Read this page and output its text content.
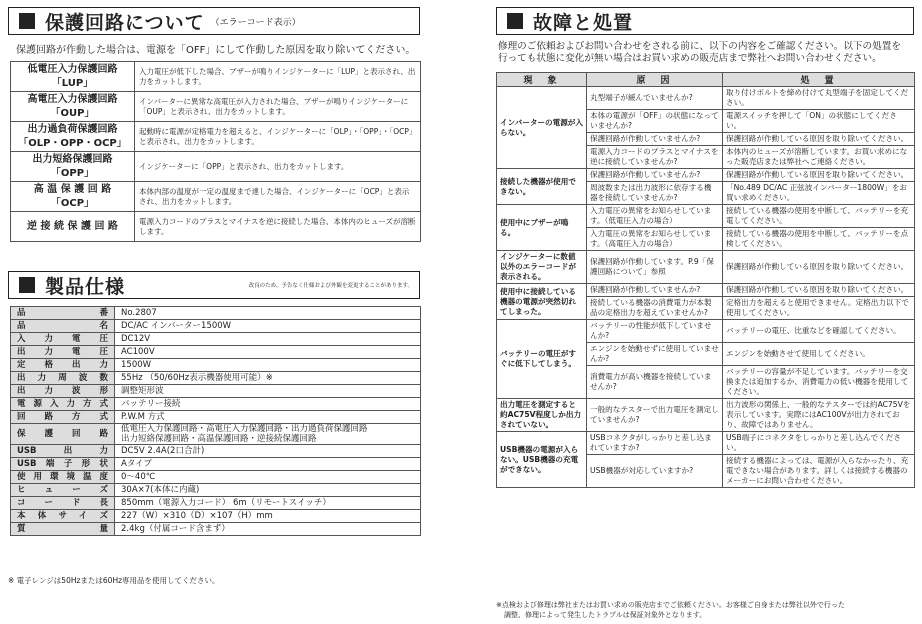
保護回路について （エラーコード表示）

保護回路が作動した場合は、電源を「OFF」にして作動した原因を取り除いてください。

低電圧入力保護回路
「LUP」	入力電圧が低下した場合、ブザーが鳴りインジケーターに「LUP」と表示され、出力をカットします。
高電圧入力保護回路
「OUP」	インバーターに異常な高電圧が入力された場合、ブザーが鳴りインジケーターに「OUP」と表示され、出力をカットします。
出力過負荷保護回路
「OLP・OPP・OCP」	起動時に電源が定格電力を超えると、インジケーターに「OLP」・「OPP」・「OCP」と表示され、出力をカットします。
出力短絡保護回路
「OPP」	インジケーターに「OPP」と表示され、出力をカットします。
高 温 保 護 回 路
「OCP」	本体内部の温度が一定の温度まで達した場合、インジケーターに「OCP」と表示され、出力をカットします。
逆 接 続 保 護 回 路	電源入力コードのプラスとマイナスを逆に接続した場合、本体内のヒューズが溶断します。
製品仕様	改良のため、予告なく仕様および外観を変更することがあります。
品番	No.2807
品名	DC/AC インバーター1500W
入力電圧	DC12V
出力電圧	AC100V
定格出力	1500W
出力周波数	55Hz （50/60Hz表示機器使用可能）※
出力波形	調整矩形波
電源入力方式	バッテリー接続
回路方式	P.W.M 方式
保護回路	低電圧入力保護回路・高電圧入力保護回路・出力過負荷保護回路
出力短絡保護回路・高温保護回路・逆接続保護回路
USB出力	DC5V 2.4A(2口合計)
USB端子形状	Aタイプ
使用環境温度	0〜40℃
ヒューズ	30A×7(本体に内蔵)
コード長	850mm（電源入力コード） 6m（リモートスイッチ）
本体サイズ	227（W）×310（D）×107（H）mm
質量	2.4kg（付属コード含まず）
※ 電子レンジは50Hzまたは60Hz専用品を使用してください。
故障と処置

修理のご依頼およびお問い合わせをされる前に、以下の内容をご確認ください。以下の処置を

行っても状態に変化が無い場合はお買い求めの販売店まで弊社へお問い合わせください。

現　象	原　因	処　置
インバーターの電源が入らない。	丸型端子が緩んでいませんか?	取り付けボルトを締め付けて丸型端子を固定してください。
	本体の電源が「OFF」の状態になっていませんか?	電源スイッチを押して「ON」の状態にしてください。
	保護回路が作動していませんか?	保護回路が作動している原因を取り除いてください。
	電源入力コードのプラスとマイナスを逆に接続していませんか?	本体内のヒューズが溶断しています。お買い求めになった販売店または弊社へご連絡ください。
接続した機器が使用できない。	保護回路が作動していませんか?	保護回路が作動している原因を取り除いてください。
	周波数または出力波形に依存する機器を接続していませんか?	「No.489 DC/AC 正弦波インバーター1800W」をお買い求めください。
使用中にブザーが鳴る。	入力電圧の異常をお知らせしています。（低電圧入力の場合）	接続している機器の使用を中断して、バッテリーを充電してください。
	入力電圧の異常をお知らせしています。（高電圧入力の場合）	接続している機器の使用を中断して、バッテリーを点検してください。
インジケーターに数値以外のエラーコードが表示される。	保護回路が作動しています。P.9「保護回路について」参照	保護回路が作動している原因を取り除いてください。
使用中に接続している機器の電源が突然切れてしまった。	保護回路が作動していませんか?	保護回路が作動している原因を取り除いてください。
	接続している機器の消費電力が本製品の定格出力を超えていませんか?	定格出力を超えると使用できません。定格出力以下で使用してください。
バッテリーの電圧がすぐに低下してしまう。	バッテリーの性能が低下していませんか?	バッテリーの電圧、比重などを確認してください。
	エンジンを始動せずに使用していませんか?	エンジンを始動させて使用してください。
	消費電力が高い機器を接続していませんか?	バッテリーの容量が不足しています。バッテリーを交換または追加するか、消費電力の低い機器を使用してください。
出力電圧を測定すると約AC75V程度しか出力されていない。	一般的なテスターで出力電圧を測定していませんか?	出力波形の関係上、一般的なテスターでは約AC75Vを表示しています。実際にはAC100Vが出力されており、故障ではありません。
USB機器の電源が入らない。USB機器の充電ができない。	USBコネクタがしっかりと差し込まれていますか?	USB端子にコネクタをしっかりと差し込んでください。
	USB機器が対応していますか?	接続する機器によっては、電源が入らなかったり、充電できない場合があります。詳しくは接続する機器のメーカーにお問い合わせください。
※点検および修理は弊社またはお買い求めの販売店までご依頼ください。お客様ご自身または弊社以外で行った
調整、修理によって発生したトラブルは保証対象外となります。
